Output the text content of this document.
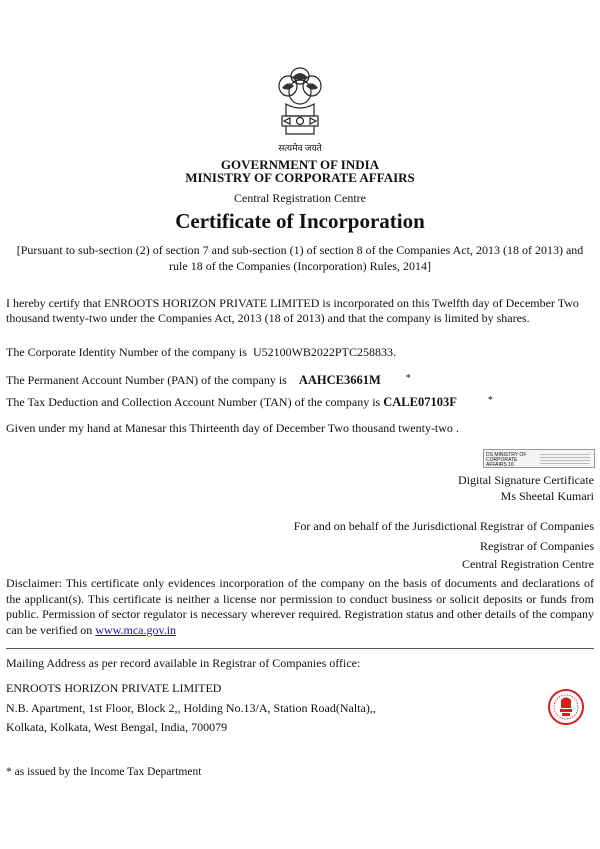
सत्यमेव जयते
GOVERNMENT OF INDIA
MINISTRY OF CORPORATE AFFAIRS
Central Registration Centre
Certificate of Incorporation
[Pursuant to sub-section (2) of section 7 and sub-section (1) of section 8 of the Companies Act, 2013 (18 of 2013) and rule 18 of the Companies (Incorporation) Rules, 2014]
I hereby certify that ENROOTS HORIZON PRIVATE LIMITED is incorporated on this Twelfth day of December Two thousand twenty-two under the Companies Act, 2013 (18 of 2013) and that the company is limited by shares.
The Corporate Identity Number of the company is U52100WB2022PTC258833.
The Permanent Account Number (PAN) of the company is AAHCE3661M	*
The Tax Deduction and Collection Account Number (TAN) of the company is CALE07103F	*
Given under my hand at Manesar this Thirteenth day of December Two thousand twenty-two .
DS MINISTRY OF CORPORATE AFFAIRS 16
Digital Signature Certificate
Ms Sheetal Kumari
For and on behalf of the Jurisdictional Registrar of Companies
Registrar of Companies
Central Registration Centre
Disclaimer: This certificate only evidences incorporation of the company on the basis of documents and declarations of the applicant(s). This certificate is neither a license nor permission to conduct business or solicit deposits or funds from public. Permission of sector regulator is necessary wherever required. Registration status and other details of the company can be verified on www.mca.gov.in
Mailing Address as per record available in Registrar of Companies office:
ENROOTS HORIZON PRIVATE LIMITED
N.B. Apartment, 1st Floor, Block 2,, Holding No.13/A, Station Road(Nalta),,
Kolkata, Kolkata, West Bengal, India, 700079
* as issued by the Income Tax Department
